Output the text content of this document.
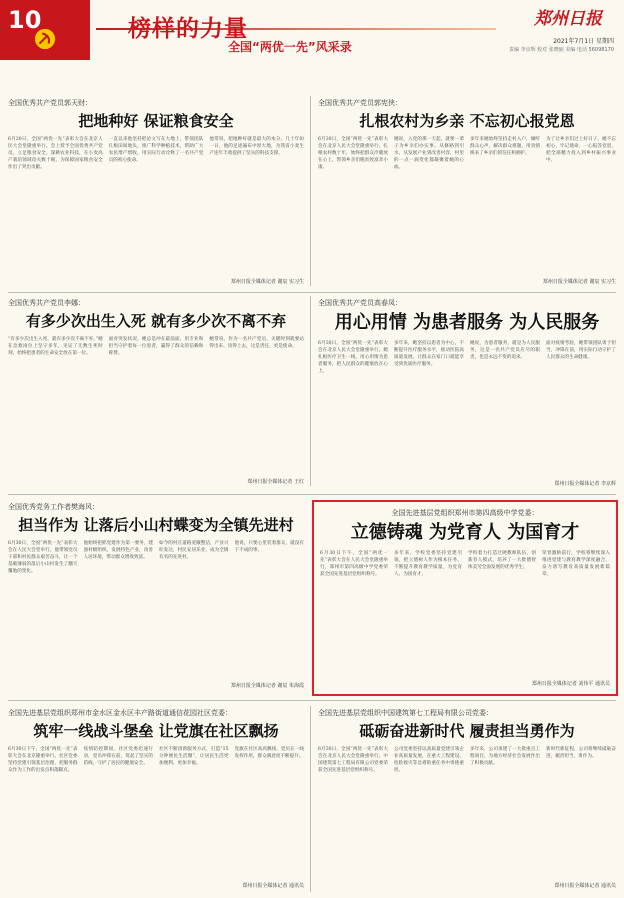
10	榜样的力量
全国“两优一先”风采录
郑州日报
2021年7月1日 星期四
责编 李京辉 校对 张晓丽 美编 电话 56098170
全国优秀共产党员郭天财：
把地种好 保证粮食安全
6月20日，全国“两优一先”表彰大会在北京人民大会堂隆重举行。会上授予全国优秀共产党员。立足粮食安全，深耕农业科技，在小麦高产栽培领域攻关数十载，为保障国家粮食安全作出了突出贡献。
一直以来他坚持把论文写在大地上，带领团队扎根田间地头，推广科学种植技术，帮助广大农民增产增收，用实际行动诠释了一名共产党员的初心使命。
他常说，把地种好就是最大的本分。几十年如一日，他的足迹遍布中原大地，为我省小麦生产连年丰收提供了坚实的科技支撑。
郑州日报全媒体记者 谢辰 实习生
全国优秀共产党员郭宪侠：
扎根农村为乡亲 不忘初心报党恩
6月30日，全国“两优一先”表彰大会在北京人民大会堂隆重举行。扎根农村数十年，始终把群众冷暖放在心上，带领乡亲们脱贫致富奔小康。
她说，入党的那一天起，就要一辈子为乡亲们办实事。从修路到引水，从发展产业到改善村容，村里的一点一滴变化都凝聚着她的心血。
多年来她始终坚持走村入户，倾听群众心声，解决群众难题，用真情换来了乡亲们的信任和拥护。
为了让乡亲们过上好日子，她不忘初心，牢记使命，一心报答党恩，把全部精力投入到乡村振兴事业中。
郑州日报全媒体记者 谢辰 实习生
全国优秀共产党员李娜：
有多少次出生入死 就有多少次不离不弃
“有多少次出生入死，就有多少次不离不弃。”她在急救岗位上坚守多年，见证了无数生死时刻，始终把患者的生命安全放在第一位。
面对突发状况，她总是冲在最前面，用专业和担当守护着每一位患者，赢得了群众的信赖和称赞。
她常说，作为一名共产党员，关键时刻就要站得出来、顶得上去，这是责任，更是使命。
郑州日报全媒体记者 王红
全国优秀共产党员高春凤：
用心用情 为患者服务 为人民服务
6月30日，全国“两优一先”表彰大会在北京人民大会堂隆重举行。她扎根医疗卫生一线，用心用情为患者服务，把人民群众的健康放在心上。
多年来，她坚持以患者为中心，不断提升医疗服务水平，推动医院高质量发展，让群众在家门口就能享受到优质医疗服务。
她说，为患者服务，就是为人民服务，这是一名共产党员应尽的职责，也是永远不变的追求。
面对疫情考验，她带领团队勇于担当，冲锋在前，用实际行动守护了人民群众的生命健康。
郑州日报全媒体记者 李京辉
全国优秀党务工作者樊海风：
担当作为 让落后小山村蝶变为全镇先进村
6月30日，全国“两优一先”表彰大会在人民大会堂举行。他带领党员干部和村民群众艰苦奋斗，让一个基础薄弱的落后小山村发生了翻天覆地的变化。
他始终把抓党建作为第一要务，建强村级组织，发展特色产业，改善人居环境，带动群众增收致富。
如今的村庄道路宽敞整洁，产业兴旺发达，村民安居乐业，成为全镇有名的先进村。
他说，只要心里装着群众，就没有干不成的事。
郑州日报全媒体记者 谢辰 朱海霞
全国先进基层党组织郑州市第四高级中学党委：
立德铸魂 为党育人 为国育才
6月30日下午，全国“两优一先”表彰大会在人民大会堂隆重举行，郑州市第四高级中学党委荣获全国先进基层党组织称号。
多年来，学校党委坚持党建引领，把立德树人作为根本任务，不断提升教育教学质量，为党育人、为国育才。
学校着力打造过硬教师队伍，创新育人模式，培养了一大批德智体美劳全面发展的优秀学生。
荣誉激励前行，学校将继续深入推进党建与教育教学深度融合，奋力谱写教育高质量发展新篇章。
郑州日报全媒体记者 刘伟平 通讯员
全国先进基层党组织郑州市金水区金水区丰产路街道通信花园社区党委：
筑牢一线战斗堡垒 让党旗在社区飘扬
6月30日下午，全国“两优一先”表彰大会在北京隆重举行。社区党委坚持党建引领基层治理，把服务群众作为工作的出发点和落脚点。
疫情防控期间，社区党委迅速行动，党员冲锋在前，筑起了坚实的防线，守护了居民的健康安全。
社区不断创新服务方式，打造“15分钟便民生活圈”，让居民生活更加便利、更加幸福。
党旗在社区高高飘扬，党员在一线发挥作用，群众满意度不断提升。
郑州日报全媒体记者 通讯员
全国先进基层党组织中国建筑第七工程局有限公司党委：
砥砺奋进新时代 履责担当勇作为
6月30日，全国“两优一先”表彰大会在北京人民大会堂隆重举行。中国建筑第七工程局有限公司党委荣获全国先进基层党组织称号。
公司党委坚持以高质量党建引领企业高质量发展，在重大工程建设、抢险救灾等急难险重任务中勇挑重担。
多年来，公司承建了一大批重点工程项目，为地方经济社会发展作出了积极贡献。
新时代新征程，公司将继续砥砺奋进，履责担当，勇作为。
郑州日报全媒体记者 通讯员
